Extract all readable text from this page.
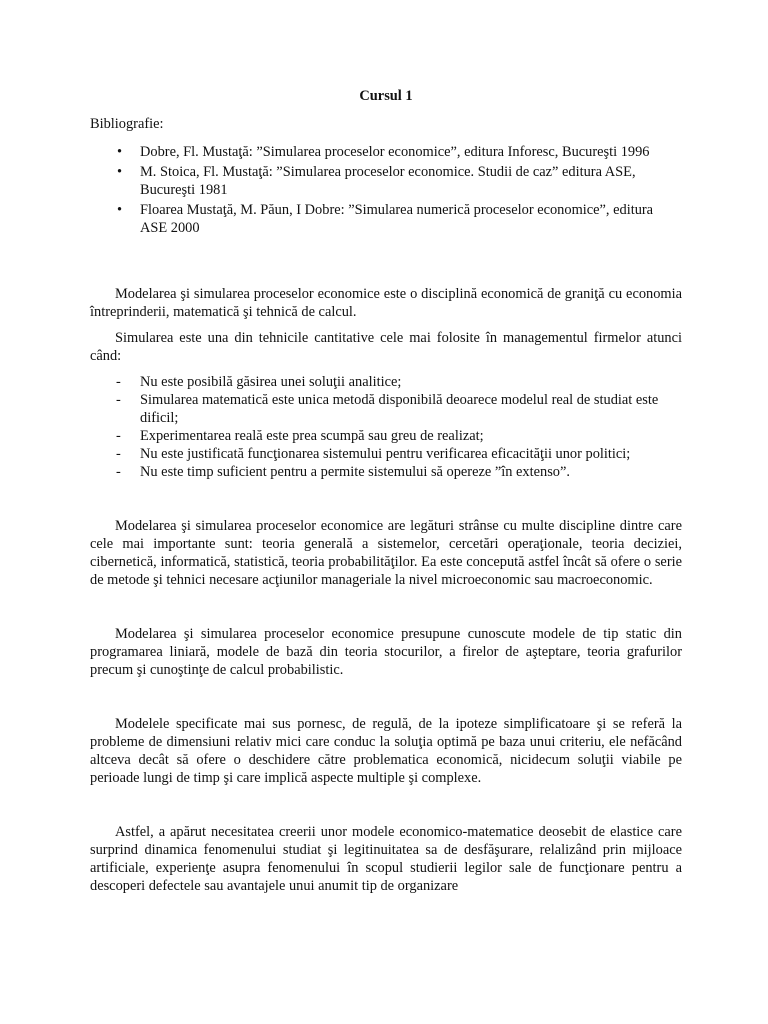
Cursul 1
Bibliografie:
• Dobre, Fl. Mustaţă: ”Simularea proceselor economice”, editura Inforesc, Bucureşti 1996
• M. Stoica, Fl. Mustaţă: ”Simularea proceselor economice. Studii de caz” editura ASE, Bucureşti 1981
• Floarea Mustaţă, M. Păun, I Dobre: ”Simularea numerică proceselor economice”, editura ASE 2000

Modelarea şi simularea proceselor economice este o disciplină economică de graniţă cu economia întreprinderii, matematică şi tehnică de calcul.

Simularea este una din tehnicile cantitative cele mai folosite în managementul firmelor atunci când:

- Nu este posibilă găsirea unei soluţii analitice;
- Simularea matematică este unica metodă disponibilă deoarece modelul real de studiat este dificil;
- Experimentarea reală este prea scumpă sau greu de realizat;
- Nu este justificată funcţionarea sistemului pentru verificarea eficacităţii unor politici;
- Nu este timp suficient pentru a permite sistemului să opereze ”în extenso”.

Modelarea şi simularea proceselor economice are legături strânse cu multe discipline dintre care cele mai importante sunt: teoria generală a sistemelor, cercetări operaţionale, teoria deciziei, cibernetică, informatică, statistică, teoria probabilităţilor. Ea este concepută astfel încât să ofere o serie de metode şi tehnici necesare acţiunilor manageriale la nivel microeconomic sau macroeconomic.

Modelarea şi simularea proceselor economice presupune cunoscute modele de tip static din programarea liniară, modele de bază din teoria stocurilor, a firelor de aşteptare, teoria grafurilor precum şi cunoştinţe de calcul probabilistic.

Modelele specificate mai sus pornesc, de regulă, de la ipoteze simplificatoare şi se referă la probleme de dimensiuni relativ mici care conduc la soluţia optimă pe baza unui criteriu, ele nefăcând altceva decât să ofere o deschidere către problematica economică, nicidecum soluţii viabile pe perioade lungi de timp şi care implică aspecte multiple şi complexe.

Astfel, a apărut necesitatea creerii unor modele economico-matematice deosebit de elastice care surprind dinamica fenomenului studiat şi legitinuitatea sa de desfăşurare, relalizând prin mijloace artificiale, experienţe asupra fenomenului în scopul studierii legilor sale de funcţionare pentru a descoperi defectele sau avantajele unui anumit tip de organizare
